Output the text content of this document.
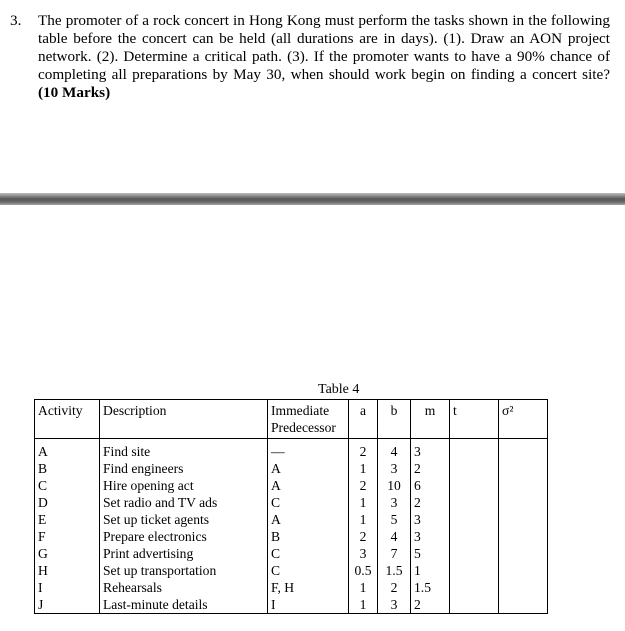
3. The promoter of a rock concert in Hong Kong must perform the tasks shown in the following table before the concert can be held (all durations are in days). (1). Draw an AON project network. (2). Determine a critical path. (3). If the promoter wants to have a 90% chance of completing all preparations by May 30, when should work begin on finding a concert site? (10 Marks)
Table 4
Activity	Description	Immediate Predecessor	a	b	m	t	σ²
A	Find site	—	2	4	3		
B	Find engineers	A	1	3	2		
C	Hire opening act	A	2	10	6		
D	Set radio and TV ads	C	1	3	2		
E	Set up ticket agents	A	1	5	3		
F	Prepare electronics	B	2	4	3		
G	Print advertising	C	3	7	5		
H	Set up transportation	C	0.5	1.5	1		
I	Rehearsals	F, H	1	2	1.5		
J	Last-minute details	I	1	3	2		
